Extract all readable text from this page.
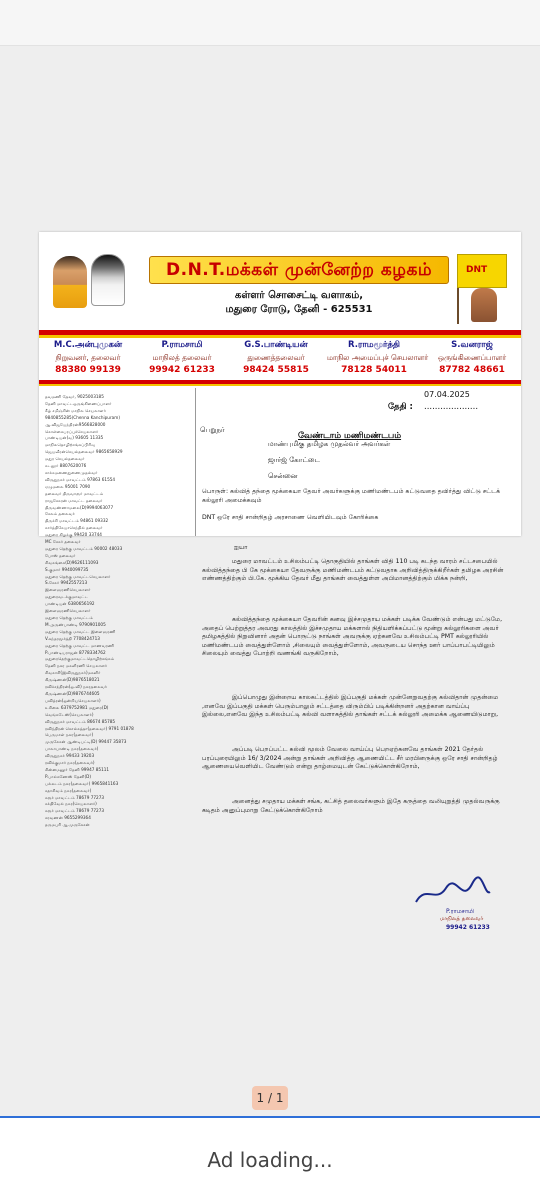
D.N.T.மக்கள் முன்னேற்ற கழகம்
கள்ளர் சொசைட்டி வளாகம்,
மதுரை ரோடு, தேனி - 625531
DNT
M.C.அன்புமுகன்
நிறுவனர், தலைவர்
88380 99139
P.ராமசாமி
மாநிலத் தலைவர்
99942 61233
G.S.பாண்டியன்
துணைத்தலைவர்
98424 55815
R.ராமமூர்த்தி
மாநில அமைப்புச் செயலாளர்
78128 54011
S.வனராஜ்
ஒருங்கிணைப்பாளர்
87782 48661
தவமணி தேவர், 9025003185
தேனி மாவட்டஒருங்கிணைப்பாளர்
கீழ் சமீஞ்சின் மாநில செயலாளர்
9840855285(Chenna Kanchipuram)
ஆ.விஜயேந்திரன்9566828000
கொள்கைபரப்புச்செயலாளர்
பாண்டியன்(வ) 93605 11335
மாநிலதொழிற்சங்கப்பிரிவு
ஜெயவீரன்செயல்தலைவர் 9865658929
மதுர செயல்தலைவர்
கடலூர் 8807620076
சாக்கமணைதுணைமுதல்வர்
விருதுநகர் மாவட்டம் 97863 61554
ஏழுமலை 95001 7090
தலைவர் திருவாரூர் மாவட்டம்
ராஜசேகரன் மாவட்ட தலைவர்
திருவண்ணாமலை(D)9994063077
சேலம் தலைவர்
திருச்சி மாவட்டம் 94861 09332
கார்த்திகேயாசெந்தில் தலைவர்
மதுரை கிழக்கு 99420 33744
MC சேகர் தலைவர்
மதுரை தெற்கு மாவட்டம் 90002 48033
போஸ் தலைவர்
சிவகங்கை(D)9626111093
S.குமார் 9940099735
மதுரை தெற்கு மாவட்டசெயலாளர்
S.சேகர் 9942557213
இளைஞரணிசெயலாளர்
மதுரைவடக்குமாவட்ட
பாண்டியன் 6380656192
இளைஞரணிசெயலாளர்
மதுரை தெற்கு மாவட்டம்
M.அருண்பாண்டி 9790901005
மதுரை தெற்கு மாவட்ட இளைஞரணி
V.சுந்தரமூர்த்தி 7708424713
மதுரை தெற்கு மாவட்ட மாணவரணி
P.பாண்டியராஜன் 8778334762
மதுரைதெற்குமாவட்டதொழிற்சங்கம்
தேனி நகர மகளிரணி செயலாளர்
சிவகாசி(இவிருதுநகர்)மகளிர்
கிருஷ்ணன்(D)9876518021
ரவிச்சந்திரன்(ஒ.வி) நகரதலைவர்
கிருஷ்ணன்(D)9876744605
பவித்ரன்(ஒன்றியசெயலாளர்)
உசிலை 6379752981 மதுரை(D)
வெங்கடேஸ்(செயலாளர்)
விருதுநகர் மாவட்டம் 86674 85785
ரவிந்திரன் கொல்கத்தா(தலைவர்) 9791 01878
பெருமாள் நகர(தலைவர்)
முருகேசன் ஆண்டிபட்டி(D) 99447 35873
பாலாபாண்டி நகர(தலைவர்)
விருதுநகர் 99433 19203
ரவிக்குமார் நகர(தலைவர்)
சின்னமனூர் தேனி 99947 85111
P.பால்கணேஸ் தேனி(D)
பல்லடம் நகர(தலைவர்) 9965841163
சதாசிவம் நகர(தலைவர்)
கரூர் மாவட்டம் 78679 77273
சக்திவேல் நகர(செயலாளர்)
கரூர் மாவட்டம் 78679 77273
சரவணன் 9655299364
தருமபுரி ஆ.முருகேசன்
07.04.2025
தேதி : ....................
வேண்டாம் மணிமண்டபம்
பெறுநர்
மாண்புமிகு தமிழக முதல்வர் அவர்கள்
ஜார்ஜ் கோட்டை
சென்னை
பொருள்: கல்வித் தந்தை மூக்கையா தேவர் அவர்களுக்கு மணிமண்டபம் கட்டுவதை தவிர்த்து விட்டு சட்டக் கல்லூரி அமைக்கவும்
DNT ஒரே சாதி சான்றிதழ் அரசாணை வெளியிடவும் கோரிக்கை
ஐயா
மதுரை மாவட்டம் உசிலம்பட்டி தொகுதியில் தாங்கள் விதி 110 படி கடந்த வாரம் சட்டசபையில் கல்வித்தந்தை பி கே மூக்கையா தேவருக்கு மணிமண்டபம் கட்டுவதாக அறிவித்திருக்கிறீர்கள் தமிழக அரசின் எண்ணத்திற்கும் பி.கே. மூக்கிய தேவர் மீது தாங்கள் வைத்துள்ள அபிமானத்திற்கும் மிக்க நன்றி,
கல்வித்தந்தை மூக்கையா தேவரின் கனவு இச்சமுதாய மக்கள் படிக்க வேண்டும் என்பது மட்டுமே, அதைப் பெற்றுத்தர அவரது காலத்தில் இச்சமுதாய மக்களால் நிதியளிக்கப்பட்டு மூன்று கல்லூரிகளை அவர் தமிழகத்தில் நிறுவினார் அதன் பொருட்டு நாங்கள் அவருக்கு ஏற்கனவே உசிலம்பட்டி PMT கல்லூரியில் மணிமண்டபம் வைத்துள்ளோம் ,சிலையும் வைத்துள்ளோம், அவருடைய சொந்த ஊர் பாப்பாபட்டியிலும் சிலையும் வைத்து போற்றி வணங்கி வருகிறோம்,
இப்பொழுது இன்றைய காலகட்டத்தில் இப்பகுதி மக்கள் முன்னேறுவதற்கு கல்விதான் முதன்மை ,எனவே இப்பகுதி மக்கள் பெரும்பாலும் சட்டத்தை விரும்பிப் படிக்கின்றனர் அதற்கான வாய்ப்பு இல்லை,எனவே இந்த உசிலம்பட்டி கல்வி வளாகத்தில் தாங்கள் சட்டக் கல்லூரி அமைக்க ஆணையிடுமாறு,
அப்படி பெறப்பட்ட கல்வி மூலம் வேலை வாய்ப்பு பெறஏற்கனவே தாங்கள் 2021 தேர்தல் பரப்புரையிலும் 16/ 3/2024 அன்று தாங்கள் அறிவித்த ஆணையிட்ட சீர் மரபினருக்கு ஒரே சாதி சான்றிதழ் ஆணையைவெளியிட வேண்டும் என்று தாழ்மையுடன் கேட்டுக்கொள்கிறோம்,
அனைத்து சமுதாய மக்கள் சங்க, கட்சித் தலைவர்களும் இதே கருத்தை வலியுறுத்தி முதல்வருக்கு கடிதம் அனுப்புமாறு கேட்டுக்கொள்கிறோம்
P.ராமசாமி
மாநிலத் தலைவர்
99942 61233
1 / 1
Ad loading...
